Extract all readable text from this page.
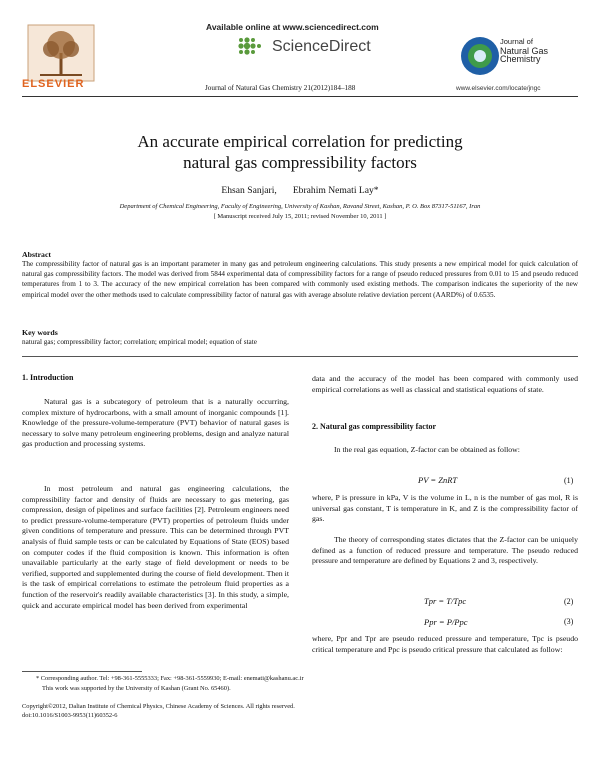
ELSEVIER
Available online at www.sciencedirect.com
ScienceDirect
Journal of Natural Gas Chemistry 21(2012)184–188
Journal of
Natural Gas
Chemistry
www.elsevier.com/locate/jngc
An accurate empirical correlation for predicting
natural gas compressibility factors
Ehsan Sanjari, Ebrahim Nemati Lay*
Department of Chemical Engineering, Faculty of Engineering, University of Kashan, Ravand Street, Kashan, P. O. Box 87317-51167, Iran
[ Manuscript received July 15, 2011; revised November 10, 2011 ]
Abstract
The compressibility factor of natural gas is an important parameter in many gas and petroleum engineering calculations. This study presents a new empirical model for quick calculation of natural gas compressibility factors. The model was derived from 5844 experimental data of compressibility factors for a range of pseudo reduced pressures from 0.01 to 15 and pseudo reduced temperatures from 1 to 3. The accuracy of the new empirical correlation has been compared with commonly used existing methods. The comparison indicates the superiority of the new empirical model over the other methods used to calculate compressibility factor of natural gas with average absolute relative deviation percent (AARD%) of 0.6535.
Key words
natural gas; compressibility factor; correlation; empirical model; equation of state
1. Introduction
Natural gas is a subcategory of petroleum that is a naturally occurring, complex mixture of hydrocarbons, with a small amount of inorganic compounds [1]. Knowledge of the pressure-volume-temperature (PVT) behavior of natural gases is necessary to solve many petroleum engineering problems, design and analyze natural gas production and processing systems.
In most petroleum and natural gas engineering calculations, the compressibility factor and density of fluids are necessary to gas metering, gas compression, design of pipelines and surface facilities [2]. Petroleum engineers need to predict pressure-volume-temperature (PVT) properties of petroleum fluids under given conditions of temperature and pressure. This can be determined through PVT analysis of fluid sample tests or can be calculated by Equations of State (EOS) based on computer codes if the fluid composition is known. This information is often unavailable particularly at the early stage of field development or needs to be verified, supported and supplemented during the course of field development. Then it is the task of empirical correlations to estimate the petroleum fluid properties as a function of the reservoir's readily available characteristics [3]. In this study, a simple, quick and accurate empirical model has been derived from experimental
data and the accuracy of the model has been compared with commonly used empirical correlations as well as classical and statistical equations of state.
2. Natural gas compressibility factor
In the real gas equation, Z-factor can be obtained as follow:
PV = ZnRT	(1)
where, P is pressure in kPa, V is the volume in L, n is the number of gas mol, R is universal gas constant, T is temperature in K, and Z is the compressibility factor of gas.
The theory of corresponding states dictates that the Z-factor can be uniquely defined as a function of reduced pressure and temperature. The pseudo reduced pressure and temperature are defined by Equations 2 and 3, respectively.
Tpr = T/Tpc	(2)
Ppr = P/Ppc	(3)
where, Ppr and Tpr are pseudo reduced pressure and temperature, Tpc is pseudo critical temperature and Ppc is pseudo critical pressure that calculated as follow:
* Corresponding author. Tel: +98-361-5555333; Fax: +98-361-5559930; E-mail: enemati@kashanu.ac.ir
This work was supported by the University of Kashan (Grant No. 65460).
Copyright©2012, Dalian Institute of Chemical Physics, Chinese Academy of Sciences. All rights reserved.
doi:10.1016/S1003-9953(11)60352-6
